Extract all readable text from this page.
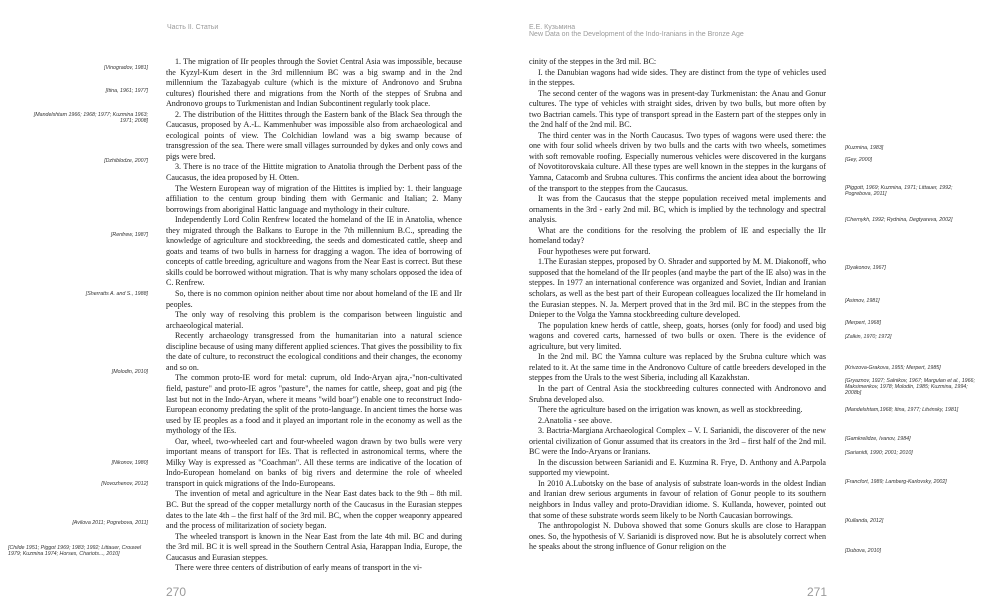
Часть II. Статьи
[Vinogradov, 1981]
[Itina, 1961; 1977]
[Mandelshtam 1966; 1968; 1977; Kuzmina 1963; 1971; 2008]
[Dzhiblodze, 2007]
[Renfrew, 1987]
[Sherratts A. and S., 1988]
[Molodin, 2010]
[Nikonov, 1980]
[Novozhenov, 2012]
[Avilova 2011; Pogrebova, 2011]
[Childe 1951; Piggot 1969; 1983; 1992; Littauer, Crouwel 1979; Kuzmina 1974; Horses, Chariots..., 2010]

1. The migration of IIr peoples through the Soviet Central Asia was impossible, because the Kyzyl-Kum desert in the 3rd millennium BC was a big swamp and in the 2nd millennium the Tazabagyab culture (which is the mixture of Andronovo and Srubna cultures) flourished there and migrations from the North of the steppes of Srubna and Andronovo groups to Turkmenistan and Indian Subcontinent regularly took place.

2. The distribution of the Hittites through the Eastern bank of the Black Sea through the Caucasus, proposed by A.-L. Kammenhuber was impossible also from archaeological and ecological points of view. The Colchidian lowland was a big swamp because of transgression of the sea. There were small villages surrounded by dykes and only cows and pigs were bred.

3. There is no trace of the Hittite migration to Anatolia through the Derbent pass of the Caucasus, the idea proposed by H. Otten.

The Western European way of migration of the Hittites is implied by: 1. their language affiliation to the centum group binding them with Germanic and Italian; 2. Many borrowings from aboriginal Hattic language and mythology in their culture.

Independently Lord Colin Renfrew located the homeland of the IE in Anatolia, whence they migrated through the Balkans to Europe in the 7th millennium B.C., spreading the knowledge of agriculture and stockbreeding, the seeds and domesticated cattle, sheep and goats and teams of two bulls in harness for dragging a wagon. The idea of borrowing of concepts of cattle breeding, agriculture and wagons from the Near East is correct. But these skills could be borrowed without migration. That is why many scholars opposed the idea of C. Renfrew.

So, there is no common opinion neither about time nor about homeland of the IE and IIr peoples.

The only way of resolving this problem is the comparison between linguistic and archaeological material.

Recently archaeology transgressed from the humanitarian into a natural science discipline because of using many different applied sciences. That gives the possibility to fix the date of culture, to reconstruct the ecological conditions and their changes, the economy and so on.

The common proto-IE word for metal: cuprum, old Indo-Aryan ajra,-"non-cultivated field, pasture" and proto-IE agros "pasture", the names for cattle, sheep, goat and pig (the last but not in the Indo-Aryan, where it means "wild boar") enable one to reconstruct Indo-European economy predating the split of the proto-language. In ancient times the horse was used by IE peoples as a food and it played an important role in the economy as well as the mythology of the IEs.

Oar, wheel, two-wheeled cart and four-wheeled wagon drawn by two bulls were very important means of transport for IEs. That is reflected in astronomical terms, where the Milky Way is expressed as "Coachman". All these terms are indicative of the location of Indo-European homeland on banks of big rivers and determine the role of wheeled transport in quick migrations of the Indo-Europeans.

The invention of metal and agriculture in the Near East dates back to the 9th – 8th mil. BC. But the spread of the copper metallurgy north of the Caucasus in the Eurasian steppes dates to the late 4th – the first half of the 3rd mil. BC, when the copper weaponry appeared and the process of militarization of society began.

The wheeled transport is known in the Near East from the late 4th mil. BC and during the 3rd mil. BC it is well spread in the Southern Central Asia, Harappan India, Europe, the Caucasus and Eurasian steppes.

There were three centers of distribution of early means of transport in the vi-

270
Е.Е. Кузьмина
New Data on the Development of the Indo-Iranians in the Bronze Age

cinity of the steppes in the 3rd mil. BC:

I. the Danubian wagons had wide sides. They are distinct from the type of vehicles used in the steppes.

The second center of the wagons was in present-day Turkmenistan: the Anau and Gonur cultures. The type of vehicles with straight sides, driven by two bulls, but more often by two Bactrian camels. This type of transport spread in the Eastern part of the steppes only in the 2nd half of the 2nd mil. BC.

The third center was in the North Caucasus. Two types of wagons were used there: the one with four solid wheels driven by two bulls and the carts with two wheels, sometimes with soft removable roofing. Especially numerous vehicles were discovered in the kurgans of Novotitorovskaia culture. All these types are well known in the steppes in the kurgans of Yamna, Catacomb and Srubna cultures. This confirms the ancient idea about the borrowing of the transport to the steppes from the Caucasus.

It was from the Caucasus that the steppe population received metal implements and ornaments in the 3rd - early 2nd mil. BC, which is implied by the technology and spectral analysis.

What are the conditions for the resolving the problem of IE and especially the IIr homeland today?

Four hypotheses were put forward.

1.The Eurasian steppes, proposed by O. Shrader and supported by M. M. Diakonoff, who supposed that the homeland of the IIr peoples (and maybe the part of the IE also) was in the steppes. In 1977 an international conference was organized and Soviet, Indian and Iranian scholars, as well as the best part of their European colleagues localized the IIr homeland in the Eurasian steppes. N. Ja. Merpert proved that in the 3rd mil. BC in the steppes from the Dnieper to the Volga the Yamna stockbreeding culture developed.

The population knew herds of cattle, sheep, goats, horses (only for food) and used big wagons and covered carts, harnessed of two bulls or oxen. There is the evidence of agriculture, but very limited.

In the 2nd mil. BC the Yamna culture was replaced by the Srubna culture which was related to it. At the same time in the Andronovo Culture of cattle breeders developed in the steppes from the Urals to the west Siberia, including all Kazakhstan.

In the part of Central Asia the stockbreeding cultures connected with Andronovo and Srubna developed also.

There the agriculture based on the irrigation was known, as well as stockbreeding.

2.Anatolia - see above.

3. Bactria-Margiana Archaeological Complex – V. I. Sarianidi, the discoverer of the new oriental civilization of Gonur assumed that its creators in the 3rd – first half of the 2nd mil. BC were the Indo-Aryans or Iranians.

In the discussion between Sarianidi and E. Kuzmina R. Frye, D. Anthony and A.Parpola supported my viewpoint.

In 2010 A.Lubotsky on the base of analysis of substrate loan-words in the oldest Indian and Iranian drew serious arguments in favour of relation of Gonur people to its southern neighbors in Indus valley and proto-Dravidian idiome. S. Kullanda, however, pointed out that some of these substrate words seem likely to be North Caucasian borrowings.

The anthropologist N. Dubova showed that some Gonurs skulls are close to Harappan ones. So, the hypothesis of V. Sarianidi is disproved now. But he is absolutely correct when he speaks about the strong influence of Gonur religion on the

[Kuzmina, 1983]
[Gey, 2000]
[Piggott, 1969; Kuzmina, 1971; Littauer, 1992; Pogrebova, 2011]
[Chernykh, 1992; Rydnina, Degtyareva, 2002]
[Dyakonov, 1967]
[Asimov, 1981]
[Merpert, 1968]
[Zalkin, 1970; 1972]
[Krivzova-Grakova, 1955; Merpert, 1985]
[Gryaznov, 1927; Salnikov, 1967; Margulan et al., 1966; Maksimenkov, 1978; Molodin, 1985; Kuzmina, 1994; 2008b]
[Mandelshtam,1968; Itina, 1977; Litvinsky, 1981]
[Gamkrelidze, Ivanov, 1984]
[Sarianidi, 1990; 2001; 2010]
[Francfort, 1989; Lamberg-Karlovsky, 2002]
[Kullanda, 2012]
[Dubova, 2010]
271
